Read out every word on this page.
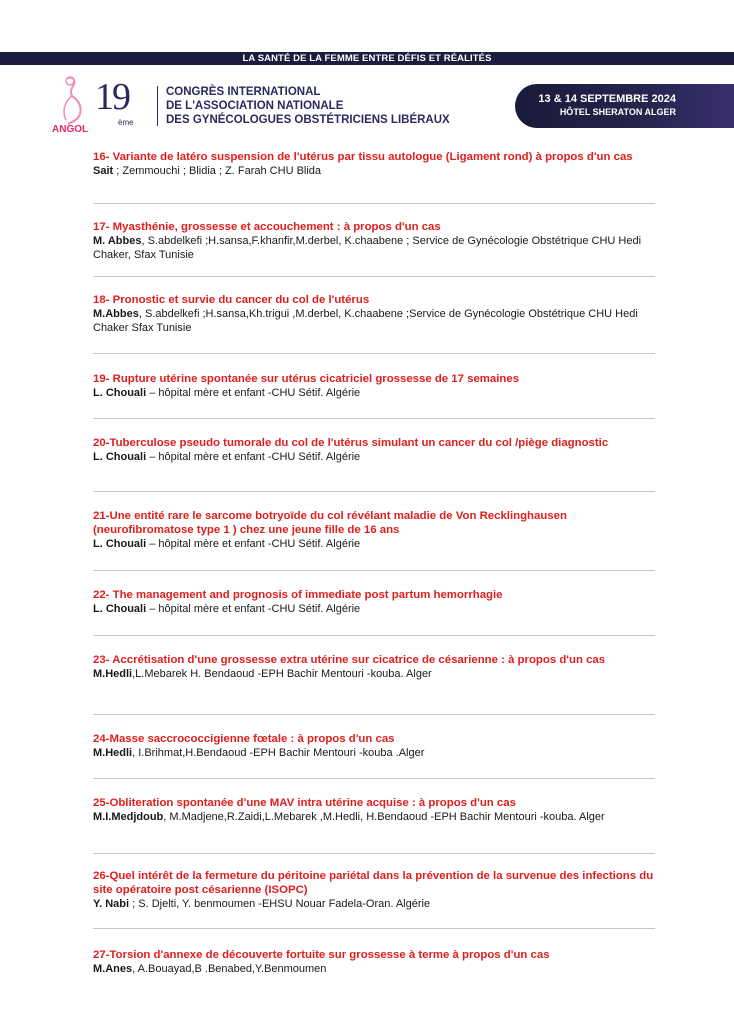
LA SANTÉ DE LA FEMME ENTRE DÉFIS ET RÉALITÉS
ANGOL
19
ème
CONGRÈS INTERNATIONAL
DE L'ASSOCIATION NATIONALE
DES GYNÉCOLOGUES OBSTÉTRICIENS LIBÉRAUX
13 & 14 SEPTEMBRE 2024
HÔTEL SHERATON ALGER

16- Variante de latéro suspension de l'utérus par tissu autologue (Ligament rond) à propos d'un cas

Sait ; Zemmouchi ; Blidia ; Z. Farah CHU Blida

17- Myasthénie, grossesse et accouchement : à propos d'un cas

M. Abbes, S.abdelkefi ;H.sansa,F.khanfir,M.derbel, K.chaabene ; Service de Gynécologie Obstétrique CHU Hedi Chaker, Sfax Tunisie

18- Pronostic et survie du cancer du col de l'utérus

M.Abbes, S.abdelkefi ;H.sansa,Kh.trigui ,M.derbel, K.chaabene ;Service de Gynécologie Obstétrique CHU Hedi Chaker Sfax Tunisie

19- Rupture utérine spontanée sur utérus cicatriciel grossesse de 17 semaines

L. Chouali – hôpital mère et enfant -CHU Sétif. Algérie

20-Tuberculose pseudo tumorale du col de l'utérus simulant un cancer du col /piège diagnostic

L. Chouali – hôpital mère et enfant -CHU Sétif. Algérie

21-Une entité rare le sarcome botryoïde du col révélant maladie de Von Recklinghausen (neurofibromatose type 1 ) chez une jeune fille de 16 ans

L. Chouali – hôpital mère et enfant -CHU Sétif. Algérie

22- The management and prognosis of immediate post partum hemorrhagie

L. Chouali – hôpital mère et enfant -CHU Sétif. Algérie

23- Accrétisation d'une grossesse extra utérine sur cicatrice de césarienne : à propos d'un cas

M.Hedli,L.Mebarek H. Bendaoud -EPH Bachir Mentouri -kouba. Alger

24-Masse saccrococcigienne fœtale : à propos d'un cas

M.Hedli, I.Brihmat,H.Bendaoud -EPH Bachir Mentouri -kouba .Alger

25-Obliteration spontanée d'une MAV intra utérine acquise : à propos d'un cas

M.I.Medjdoub, M.Madjene,R.Zaidi,L.Mebarek ,M.Hedli, H.Bendaoud -EPH Bachir Mentouri -kouba. Alger

26-Quel intérêt de la fermeture du péritoine pariétal dans la prévention de la survenue des infections du site opératoire post césarienne (ISOPC)

Y. Nabi ; S. Djelti, Y. benmoumen -EHSU Nouar Fadela-Oran. Algérie

27-Torsion d'annexe de découverte fortuite sur grossesse à terme à propos d'un cas

M.Anes, A.Bouayad,B .Benabed,Y.Benmoumen
